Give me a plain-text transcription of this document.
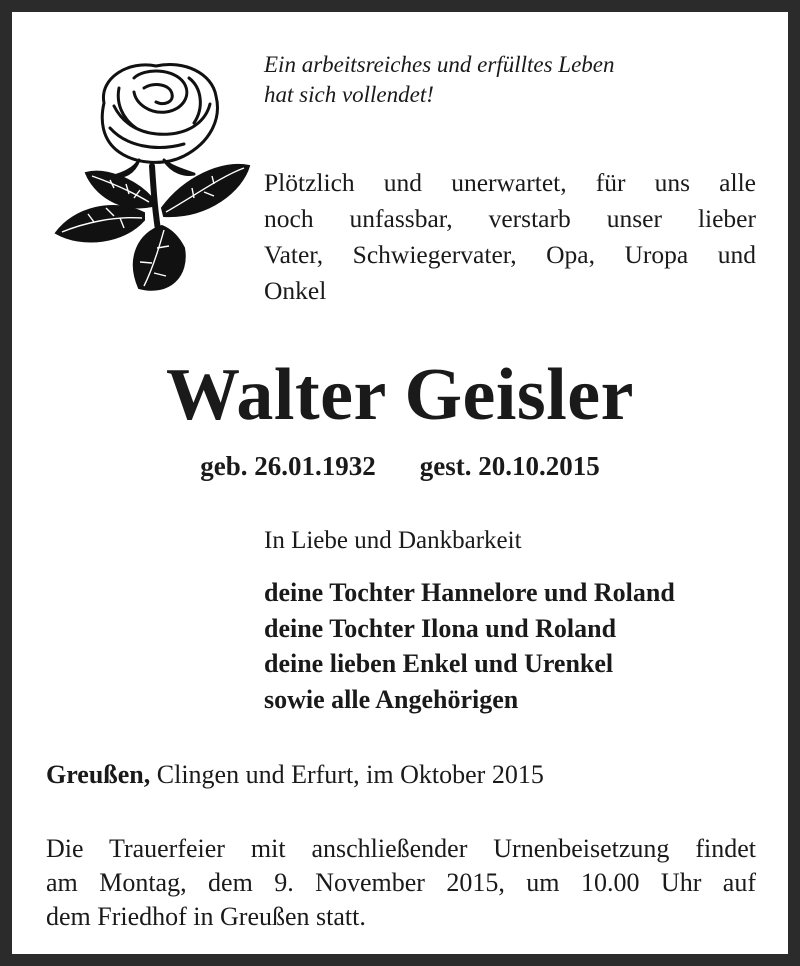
Ein arbeitsreiches und erfülltes Leben
hat sich vollendet!
Plötzlich und unerwartet, für uns alle
noch unfassbar, verstarb unser lieber
Vater, Schwiegervater, Opa, Uropa und
Onkel
Walter Geisler
geb. 26.01.1932 gest. 20.10.2015
In Liebe und Dankbarkeit
deine Tochter Hannelore und Roland
deine Tochter Ilona und Roland
deine lieben Enkel und Urenkel
sowie alle Angehörigen
Greußen, Clingen und Erfurt, im Oktober 2015
Die Trauerfeier mit anschließender Urnenbeisetzung findet
am Montag, dem 9. November 2015, um 10.00 Uhr auf
dem Friedhof in Greußen statt.
